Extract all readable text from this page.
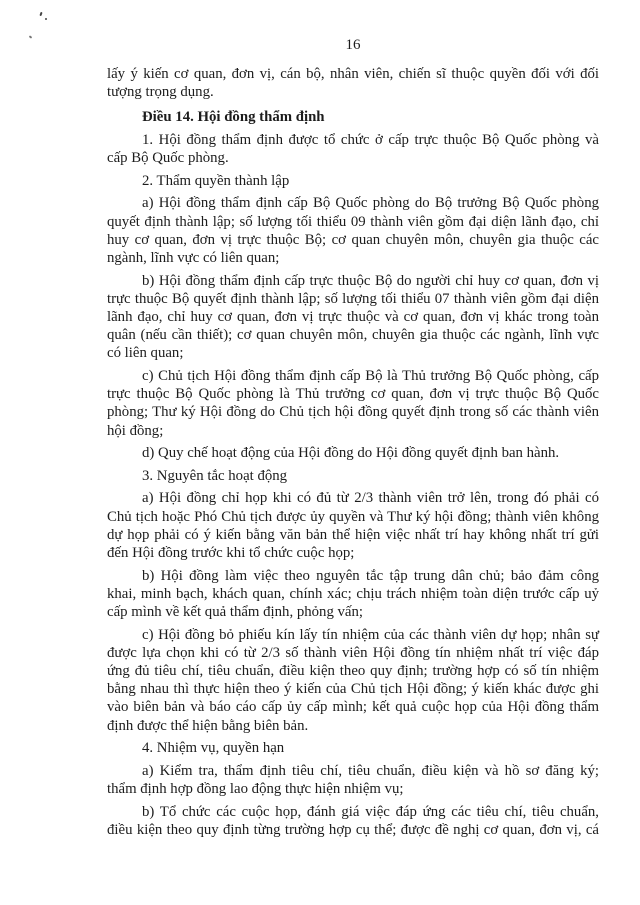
16
lấy ý kiến cơ quan, đơn vị, cán bộ, nhân viên, chiến sĩ thuộc quyền đối với đối
tượng trọng dụng.
Điều 14. Hội đồng thẩm định
1. Hội đồng thẩm định được tổ chức ở cấp trực thuộc Bộ Quốc phòng và
cấp Bộ Quốc phòng.
2. Thẩm quyền thành lập
a) Hội đồng thẩm định cấp Bộ Quốc phòng do Bộ trưởng Bộ Quốc phòng
quyết định thành lập; số lượng tối thiểu 09 thành viên gồm đại diện lãnh đạo, chỉ
huy cơ quan, đơn vị trực thuộc Bộ; cơ quan chuyên môn, chuyên gia thuộc các
ngành, lĩnh vực có liên quan;
b) Hội đồng thẩm định cấp trực thuộc Bộ do người chỉ huy cơ quan, đơn vị
trực thuộc Bộ quyết định thành lập; số lượng tối thiểu 07 thành viên gồm đại diện
lãnh đạo, chỉ huy cơ quan, đơn vị trực thuộc và cơ quan, đơn vị khác trong toàn
quân (nếu cần thiết); cơ quan chuyên môn, chuyên gia thuộc các ngành, lĩnh vực
có liên quan;
c) Chủ tịch Hội đồng thẩm định cấp Bộ là Thủ trưởng Bộ Quốc phòng, cấp
trực thuộc Bộ Quốc phòng là Thủ trưởng cơ quan, đơn vị trực thuộc Bộ Quốc
phòng; Thư ký Hội đồng do Chủ tịch hội đồng quyết định trong số các thành viên
hội đồng;
d) Quy chế hoạt động của Hội đồng do Hội đồng quyết định ban hành.
3. Nguyên tắc hoạt động
a) Hội đồng chỉ họp khi có đủ từ 2/3 thành viên trở lên, trong đó phải có
Chủ tịch hoặc Phó Chủ tịch được ủy quyền và Thư ký hội đồng; thành viên không
dự họp phải có ý kiến bằng văn bản thể hiện việc nhất trí hay không nhất trí gửi
đến Hội đồng trước khi tổ chức cuộc họp;
b) Hội đồng làm việc theo nguyên tắc tập trung dân chủ; bảo đảm công
khai, minh bạch, khách quan, chính xác; chịu trách nhiệm toàn diện trước cấp uỷ
cấp mình về kết quả thẩm định, phỏng vấn;
c) Hội đồng bỏ phiếu kín lấy tín nhiệm của các thành viên dự họp; nhân sự
được lựa chọn khi có từ 2/3 số thành viên Hội đồng tín nhiệm nhất trí việc đáp
ứng đủ tiêu chí, tiêu chuẩn, điều kiện theo quy định; trường hợp có số tín nhiệm
bằng nhau thì thực hiện theo ý kiến của Chủ tịch Hội đồng; ý kiến khác được ghi
vào biên bản và báo cáo cấp ủy cấp mình; kết quả cuộc họp của Hội đồng thẩm
định được thể hiện bằng biên bản.
4. Nhiệm vụ, quyền hạn
a) Kiểm tra, thẩm định tiêu chí, tiêu chuẩn, điều kiện và hồ sơ đăng ký;
thẩm định hợp đồng lao động thực hiện nhiệm vụ;
b) Tổ chức các cuộc họp, đánh giá việc đáp ứng các tiêu chí, tiêu chuẩn,
điều kiện theo quy định từng trường hợp cụ thể; được đề nghị cơ quan, đơn vị, cá
